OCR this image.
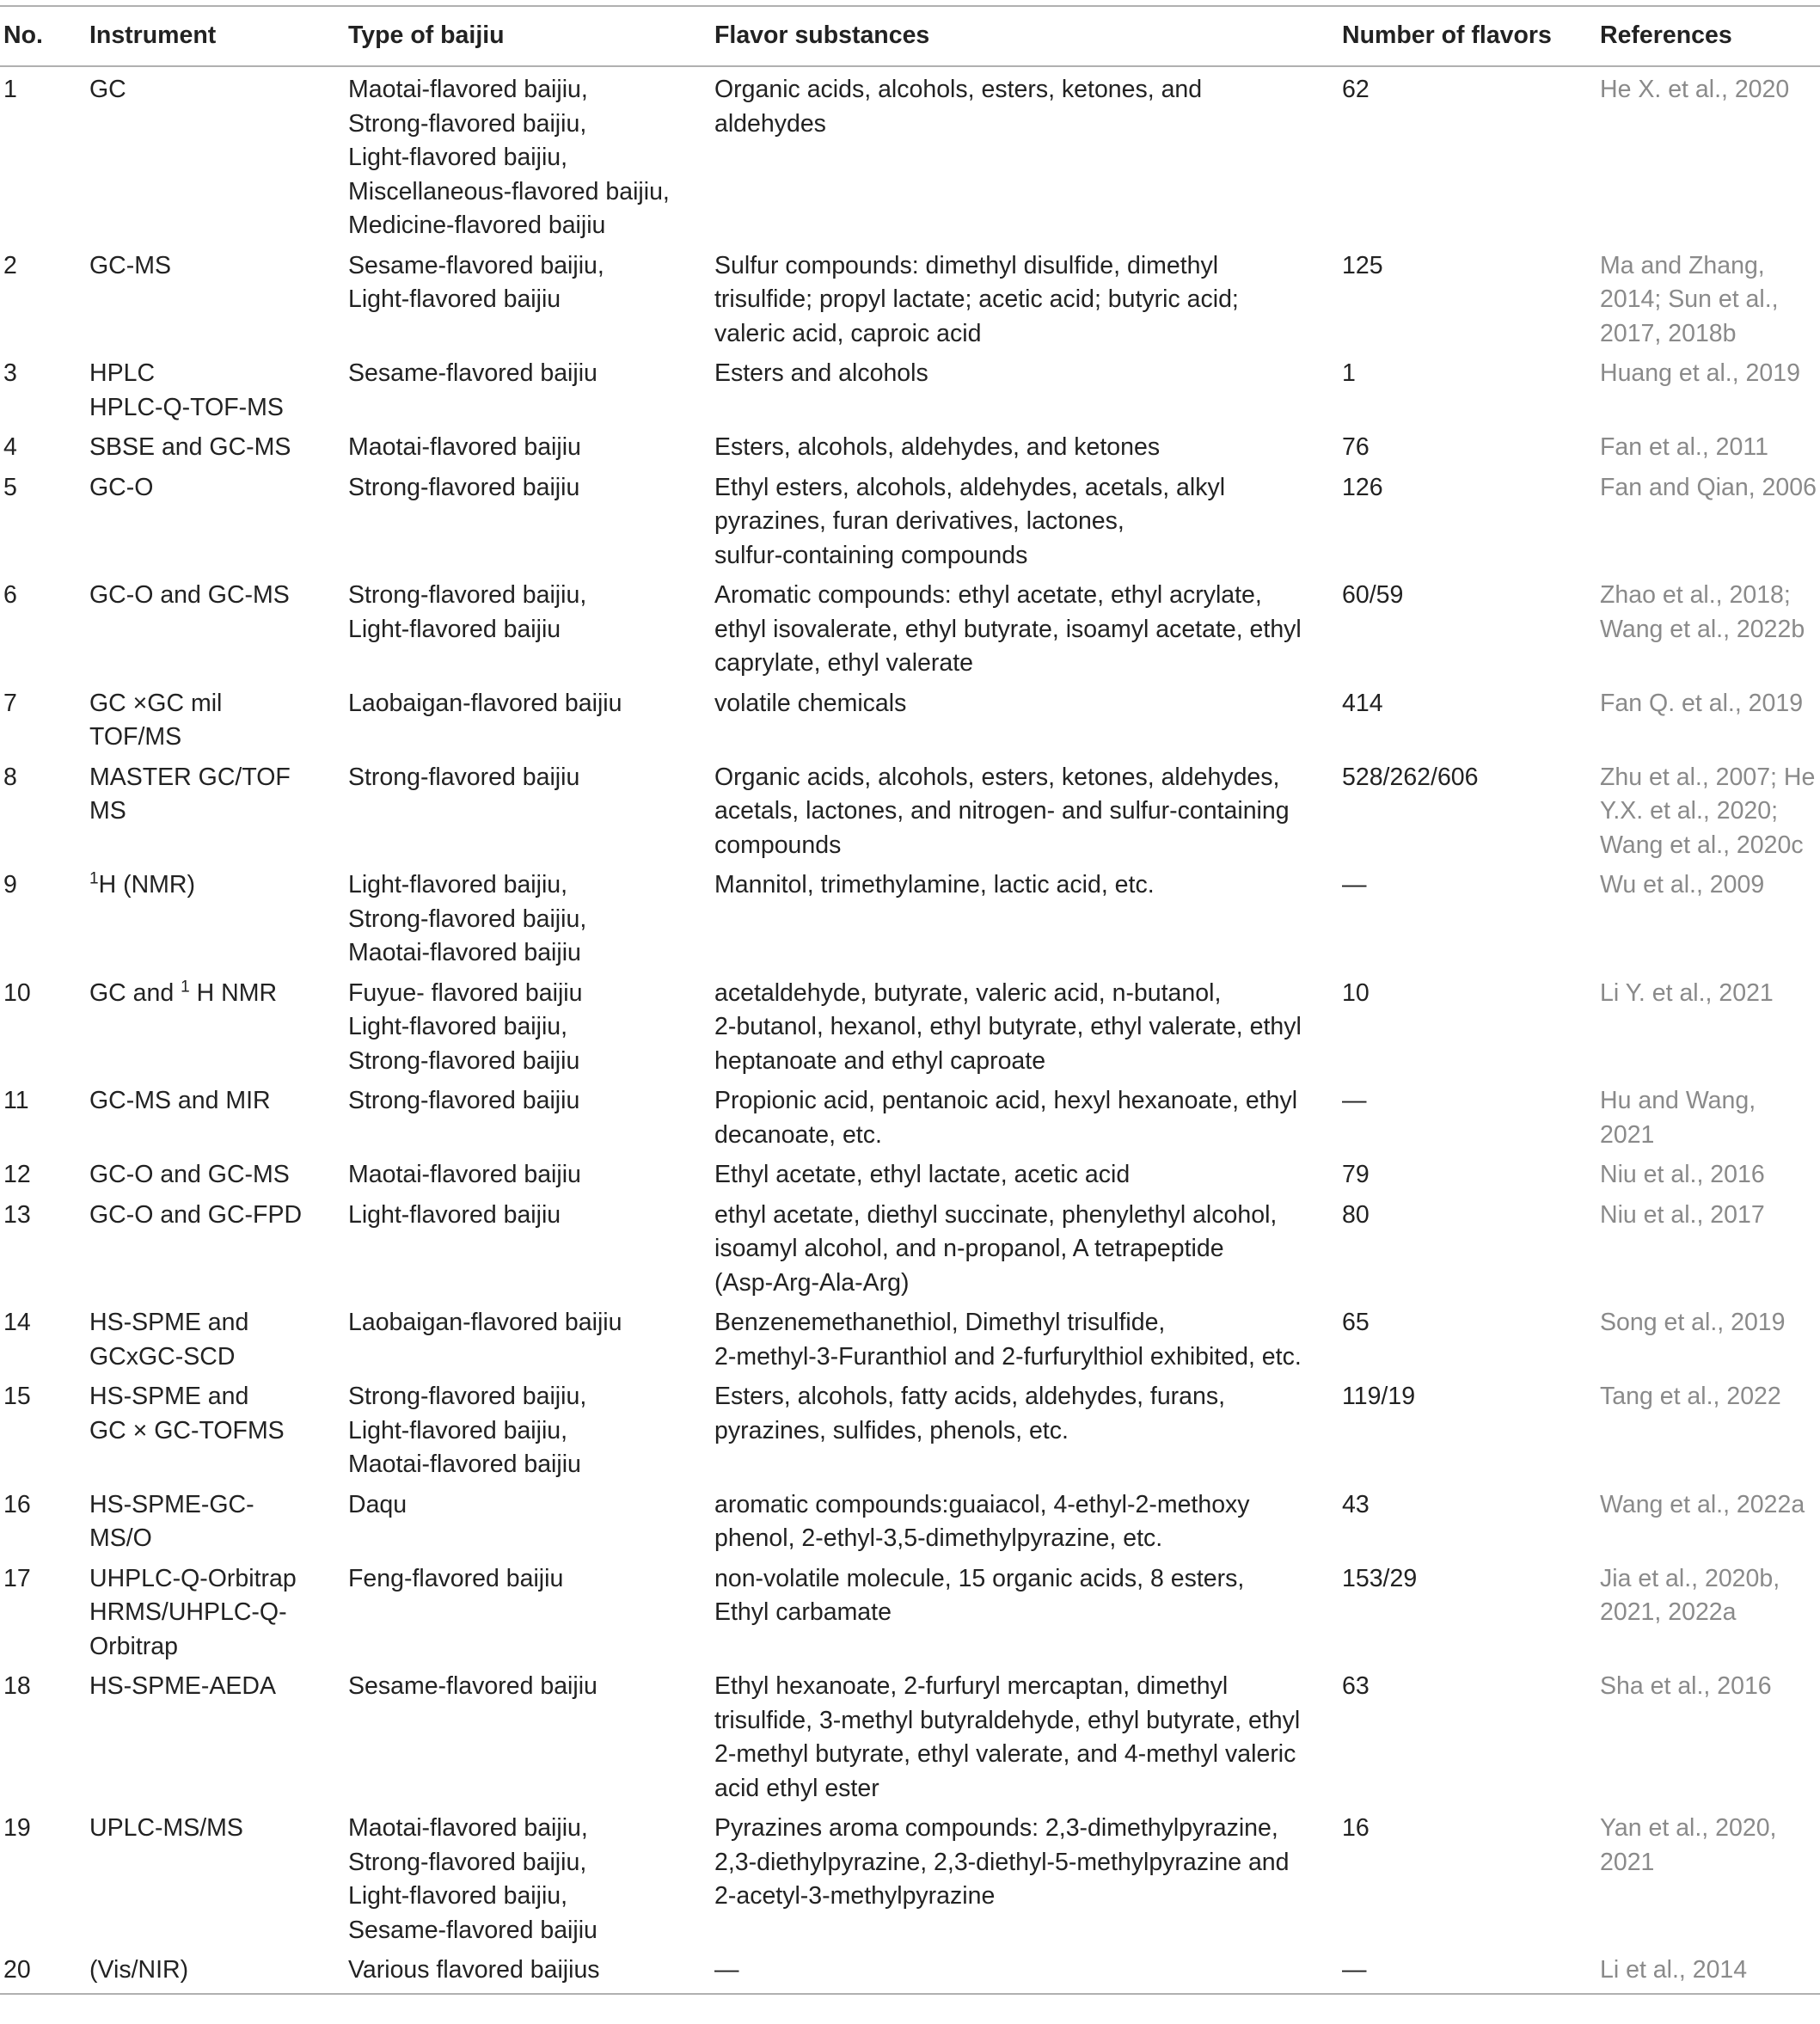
No.	Instrument	Type of baijiu	Flavor substances	Number of flavors	References
1	GC	Maotai-flavored baijiu,
Strong-flavored baijiu,
Light-flavored baijiu,
Miscellaneous-flavored baijiu,
Medicine-flavored baijiu	Organic acids, alcohols, esters, ketones, and
aldehydes	62	He X. et al., 2020

2	GC-MS	Sesame-flavored baijiu,
Light-flavored baijiu	Sulfur compounds: dimethyl disulfide, dimethyl
trisulfide; propyl lactate; acetic acid; butyric acid;
valeric acid, caproic acid	125	Ma and Zhang,
2014; Sun et al.,
2017, 2018b

3	HPLC
HPLC-Q-TOF-MS	Sesame-flavored baijiu	Esters and alcohols	1	Huang et al., 2019

4	SBSE and GC-MS	Maotai-flavored baijiu	Esters, alcohols, aldehydes, and ketones	76	Fan et al., 2011

5	GC-O	Strong-flavored baijiu	Ethyl esters, alcohols, aldehydes, acetals, alkyl
pyrazines, furan derivatives, lactones,
sulfur-containing compounds	126	Fan and Qian, 2006

6	GC-O and GC-MS	Strong-flavored baijiu,
Light-flavored baijiu	Aromatic compounds: ethyl acetate, ethyl acrylate,
ethyl isovalerate, ethyl butyrate, isoamyl acetate, ethyl
caprylate, ethyl valerate	60/59	Zhao et al., 2018;
Wang et al., 2022b

7	GC ×GC mil
TOF/MS	Laobaigan-flavored baijiu	volatile chemicals	414	Fan Q. et al., 2019

8	MASTER GC/TOF
MS	Strong-flavored baijiu	Organic acids, alcohols, esters, ketones, aldehydes,
acetals, lactones, and nitrogen- and sulfur-containing
compounds	528/262/606	Zhu et al., 2007; He
Y.X. et al., 2020;
Wang et al., 2020c

9	$^1$H (NMR)	Light-flavored baijiu,
Strong-flavored baijiu,
Maotai-flavored baijiu	Mannitol, trimethylamine, lactic acid, etc.	—	Wu et al., 2009

10	GC and $^1$ H NMR	Fuyue- flavored baijiu
Light-flavored baijiu,
Strong-flavored baijiu	acetaldehyde, butyrate, valeric acid, n-butanol,
2-butanol, hexanol, ethyl butyrate, ethyl valerate, ethyl
heptanoate and ethyl caproate	10	Li Y. et al., 2021

11	GC-MS and MIR	Strong-flavored baijiu	Propionic acid, pentanoic acid, hexyl hexanoate, ethyl
decanoate, etc.	—	Hu and Wang,
2021

12	GC-O and GC-MS	Maotai-flavored baijiu	Ethyl acetate, ethyl lactate, acetic acid	79	Niu et al., 2016

13	GC-O and GC-FPD	Light-flavored baijiu	ethyl acetate, diethyl succinate, phenylethyl alcohol,
isoamyl alcohol, and n-propanol, A tetrapeptide
(Asp-Arg-Ala-Arg)	80	Niu et al., 2017

14	HS-SPME and
GCxGC-SCD	Laobaigan-flavored baijiu	Benzenemethanethiol, Dimethyl trisulfide,
2-methyl-3-Furanthiol and 2-furfurylthiol exhibited, etc.	65	Song et al., 2019

15	HS-SPME and
GC × GC-TOFMS	Strong-flavored baijiu,
Light-flavored baijiu,
Maotai-flavored baijiu	Esters, alcohols, fatty acids, aldehydes, furans,
pyrazines, sulfides, phenols, etc.	119/19	Tang et al., 2022

16	HS-SPME-GC-
MS/O	Daqu	aromatic compounds:guaiacol, 4-ethyl-2-methoxy
phenol, 2-ethyl-3,5-dimethylpyrazine, etc.	43	Wang et al., 2022a

17	UHPLC-Q-Orbitrap
HRMS/UHPLC-Q-
Orbitrap	Feng-flavored baijiu	non-volatile molecule, 15 organic acids, 8 esters,
Ethyl carbamate	153/29	Jia et al., 2020b,
2021, 2022a

18	HS-SPME-AEDA	Sesame-flavored baijiu	Ethyl hexanoate, 2-furfuryl mercaptan, dimethyl
trisulfide, 3-methyl butyraldehyde, ethyl butyrate, ethyl
2-methyl butyrate, ethyl valerate, and 4-methyl valeric
acid ethyl ester	63	Sha et al., 2016

19	UPLC-MS/MS	Maotai-flavored baijiu,
Strong-flavored baijiu,
Light-flavored baijiu,
Sesame-flavored baijiu	Pyrazines aroma compounds: 2,3-dimethylpyrazine,
2,3-diethylpyrazine, 2,3-diethyl-5-methylpyrazine and
2-acetyl-3-methylpyrazine	16	Yan et al., 2020,
2021

20	(Vis/NIR)	Various flavored baijius	—	—	Li et al., 2014
